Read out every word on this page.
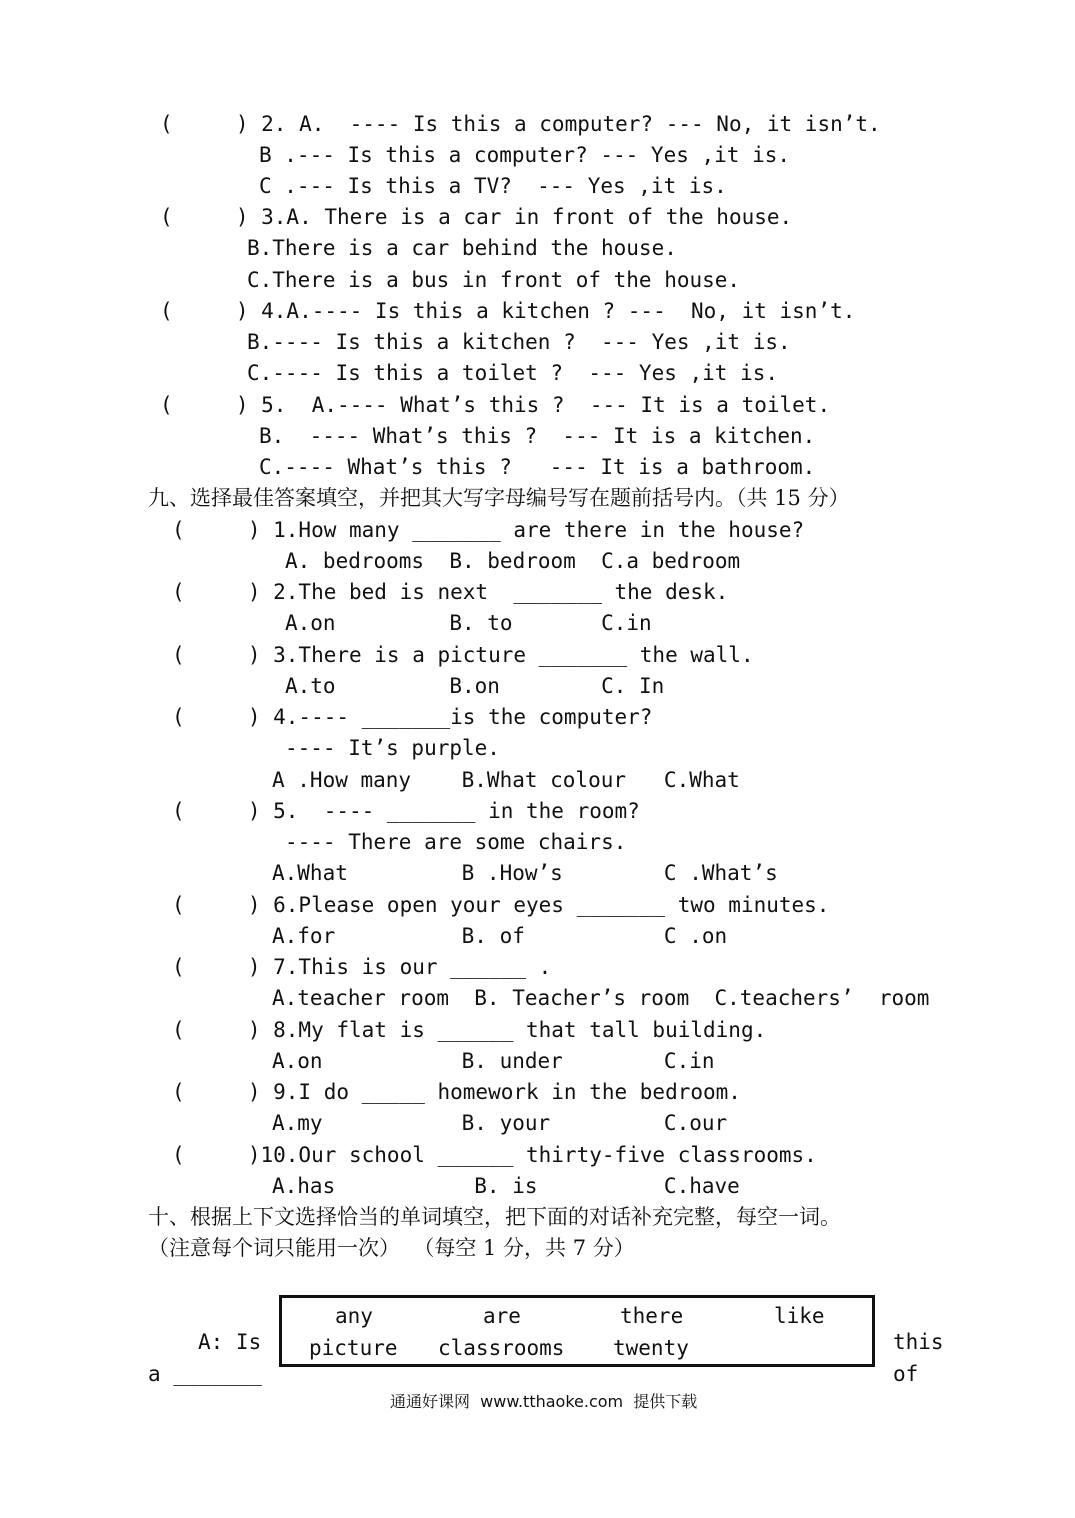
(     ) 2. A.  ---- Is this a computer? --- No, it isn’t.
B .--- Is this a computer? --- Yes ,it is.
C .--- Is this a TV?  --- Yes ,it is.
(     ) 3.A. There is a car in front of the house.
B.There is a car behind the house.
C.There is a bus in front of the house.
(     ) 4.A.---- Is this a kitchen ? ---  No, it isn’t.
B.---- Is this a kitchen ?  --- Yes ,it is.
C.---- Is this a toilet ?  --- Yes ,it is.
(     ) 5.  A.---- What’s this ?  --- It is a toilet.
B.  ---- What’s this ?  --- It is a kitchen.
C.---- What’s this ?   --- It is a bathroom.
九、选择最佳答案填空，并把其大写字母编号写在题前括号内。（共 15 分）
(     ) 1.How many _______ are there in the house?
A. bedrooms  B. bedroom  C.a bedroom
(     ) 2.The bed is next  _______ the desk.
A.on         B. to       C.in
(     ) 3.There is a picture _______ the wall.
A.to         B.on        C. In
(     ) 4.---- _______is the computer?
---- It’s purple.
A .How many    B.What colour   C.What
(     ) 5.  ---- _______ in the room?
---- There are some chairs.
A.What         B .How’s        C .What’s
(     ) 6.Please open your eyes _______ two minutes.
A.for          B. of           C .on
(     ) 7.This is our ______ .
A.teacher room  B. Teacher’s room  C.teachers’  room
(     ) 8.My flat is ______ that tall building.
A.on           B. under        C.in
(     ) 9.I do _____ homework in the bedroom.
A.my           B. your         C.our
(     )10.Our school ______ thirty-five classrooms.
A.has           B. is          C.have
十、根据上下文选择恰当的单词填空，把下面的对话补充完整，每空一词。
（注意每个词只能用一次）  （每空 1 分，共 7 分）
any	are	there	like
picture classrooms twenty
A: Is
a _______
this
of
通通好课网  www.tthaoke.com  提供下载
